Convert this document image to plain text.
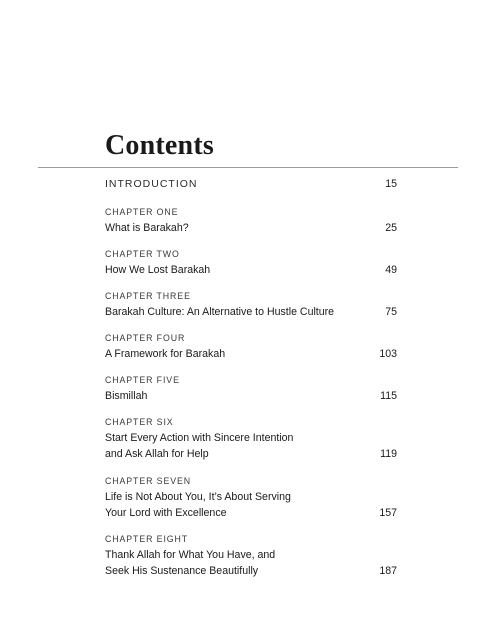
Contents
INTRODUCTION	15
CHAPTER ONE
What is Barakah?	25
CHAPTER TWO
How We Lost Barakah	49
CHAPTER THREE
Barakah Culture: An Alternative to Hustle Culture	75
CHAPTER FOUR
A Framework for Barakah	103
CHAPTER FIVE
Bismillah	115
CHAPTER SIX
Start Every Action with Sincere Intention
and Ask Allah for Help	119
CHAPTER SEVEN
Life is Not About You, It’s About Serving
Your Lord with Excellence	157
CHAPTER EIGHT
Thank Allah for What You Have, and
Seek His Sustenance Beautifully	187
